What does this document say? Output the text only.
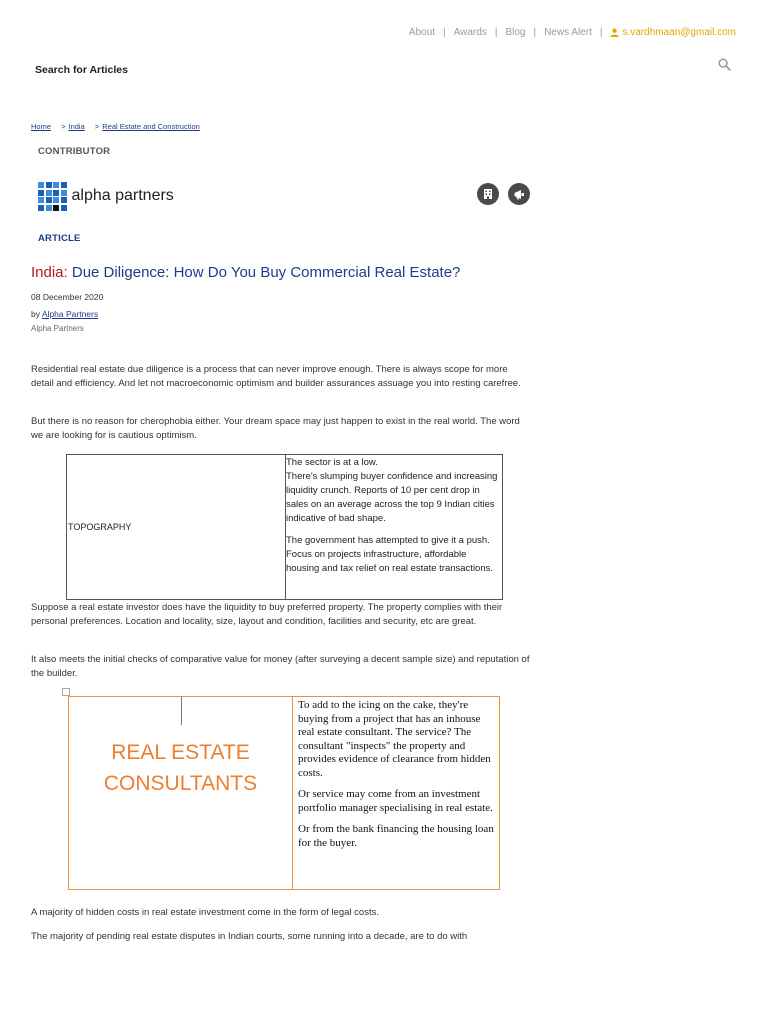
About | Awards | Blog | News Alert | s.vardhmaan@gmail.com
Search for Articles
Home > India > Real Estate and Construction
CONTRIBUTOR
alpha partners
ARTICLE
India: Due Diligence: How Do You Buy Commercial Real Estate?
08 December 2020
by Alpha Partners
Alpha Partners

Residential real estate due diligence is a process that can never improve enough. There is always scope for more detail and efficiency. And let not macroeconomic optimism and builder assurances assuage you into resting carefree.

But there is no reason for cherophobia either. Your dream space may just happen to exist in the real world. The word we are looking for is cautious optimism.

TOPOGRAPHY

The sector is at a low.
There's slumping buyer confidence and increasing liquidity crunch. Reports of 10 per cent drop in sales on an average across the top 9 Indian cities indicative of bad shape.

The government has attempted to give it a push. Focus on projects infrastructure, affordable housing and tax relief on real estate transactions.

Suppose a real estate investor does have the liquidity to buy preferred property. The property complies with their personal preferences. Location and locality, size, layout and condition, facilities and security, etc are great.

It also meets the initial checks of comparative value for money (after surveying a decent sample size) and reputation of the builder.

REAL ESTATE
CONSULTANTS

To add to the icing on the cake, they're buying from a project that has an inhouse real estate consultant. The service? The consultant "inspects" the property and provides evidence of clearance from hidden costs.

Or service may come from an investment portfolio manager specialising in real estate.

Or from the bank financing the housing loan for the buyer.

A majority of hidden costs in real estate investment come in the form of legal costs.

The majority of pending real estate disputes in Indian courts, some running into a decade, are to do with
